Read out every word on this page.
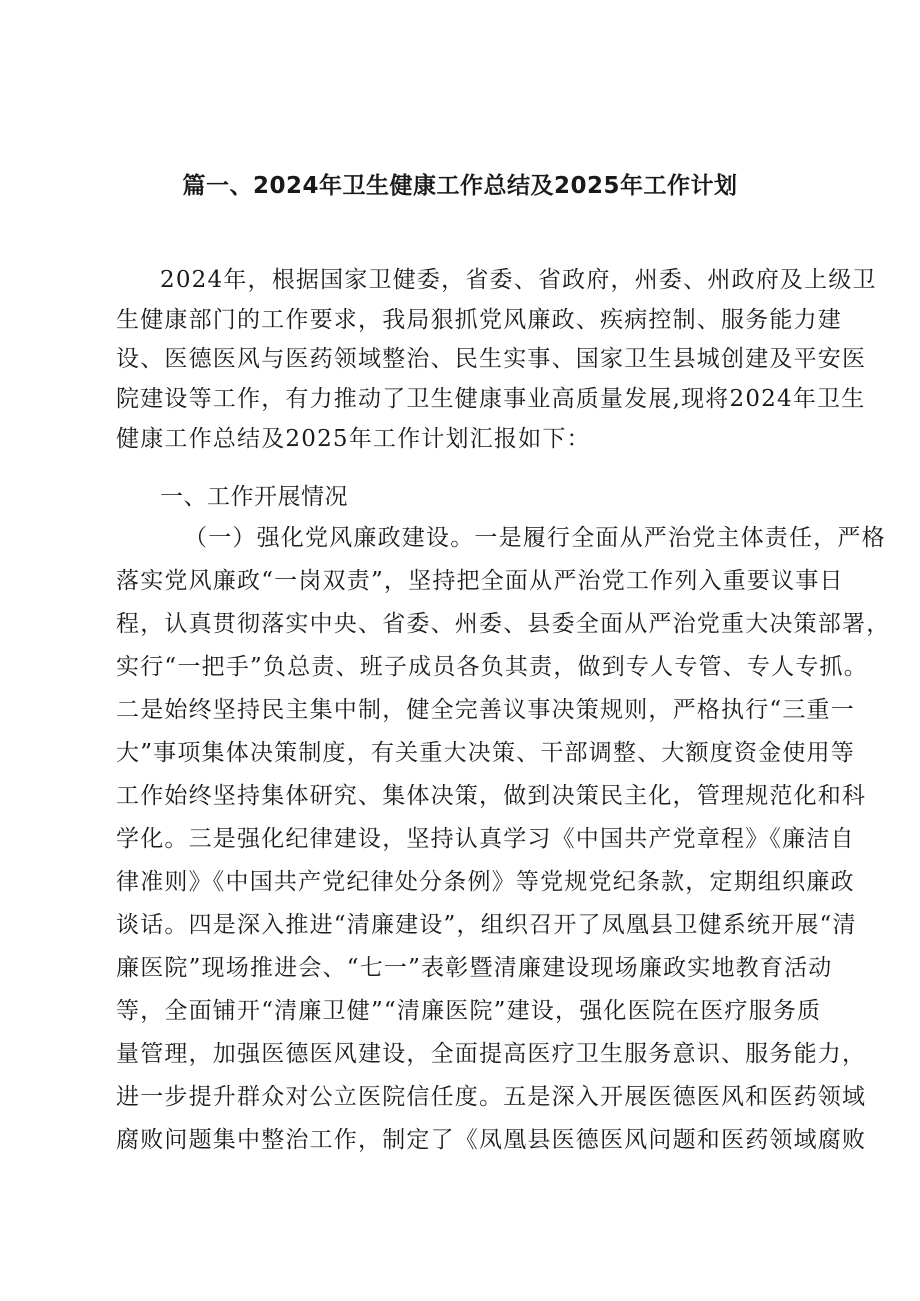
篇一、2024年卫生健康工作总结及2025年工作计划
2024年，根据国家卫健委，省委、省政府，州委、州政府及上级卫
生健康部门的工作要求，我局狠抓党风廉政、疾病控制、服务能力建
设、医德医风与医药领域整治、民生实事、国家卫生县城创建及平安医
院建设等工作，有力推动了卫生健康事业高质量发展,现将2024年卫生
健康工作总结及2025年工作计划汇报如下：
一、工作开展情况
（一）强化党风廉政建设。一是履行全面从严治党主体责任，严格
落实党风廉政“一岗双责”，坚持把全面从严治党工作列入重要议事日
程，认真贯彻落实中央、省委、州委、县委全面从严治党重大决策部署，
实行“一把手”负总责、班子成员各负其责，做到专人专管、专人专抓。
二是始终坚持民主集中制，健全完善议事决策规则，严格执行“三重一
大”事项集体决策制度，有关重大决策、干部调整、大额度资金使用等
工作始终坚持集体研究、集体决策，做到决策民主化，管理规范化和科
学化。三是强化纪律建设，坚持认真学习《中国共产党章程》《廉洁自
律准则》《中国共产党纪律处分条例》等党规党纪条款，定期组织廉政
谈话。四是深入推进“清廉建设”，组织召开了凤凰县卫健系统开展“清
廉医院”现场推进会、“七一”表彰暨清廉建设现场廉政实地教育活动
等，全面铺开“清廉卫健”“清廉医院”建设，强化医院在医疗服务质
量管理，加强医德医风建设，全面提高医疗卫生服务意识、服务能力，
进一步提升群众对公立医院信任度。五是深入开展医德医风和医药领域
腐败问题集中整治工作，制定了《凤凰县医德医风问题和医药领域腐败
